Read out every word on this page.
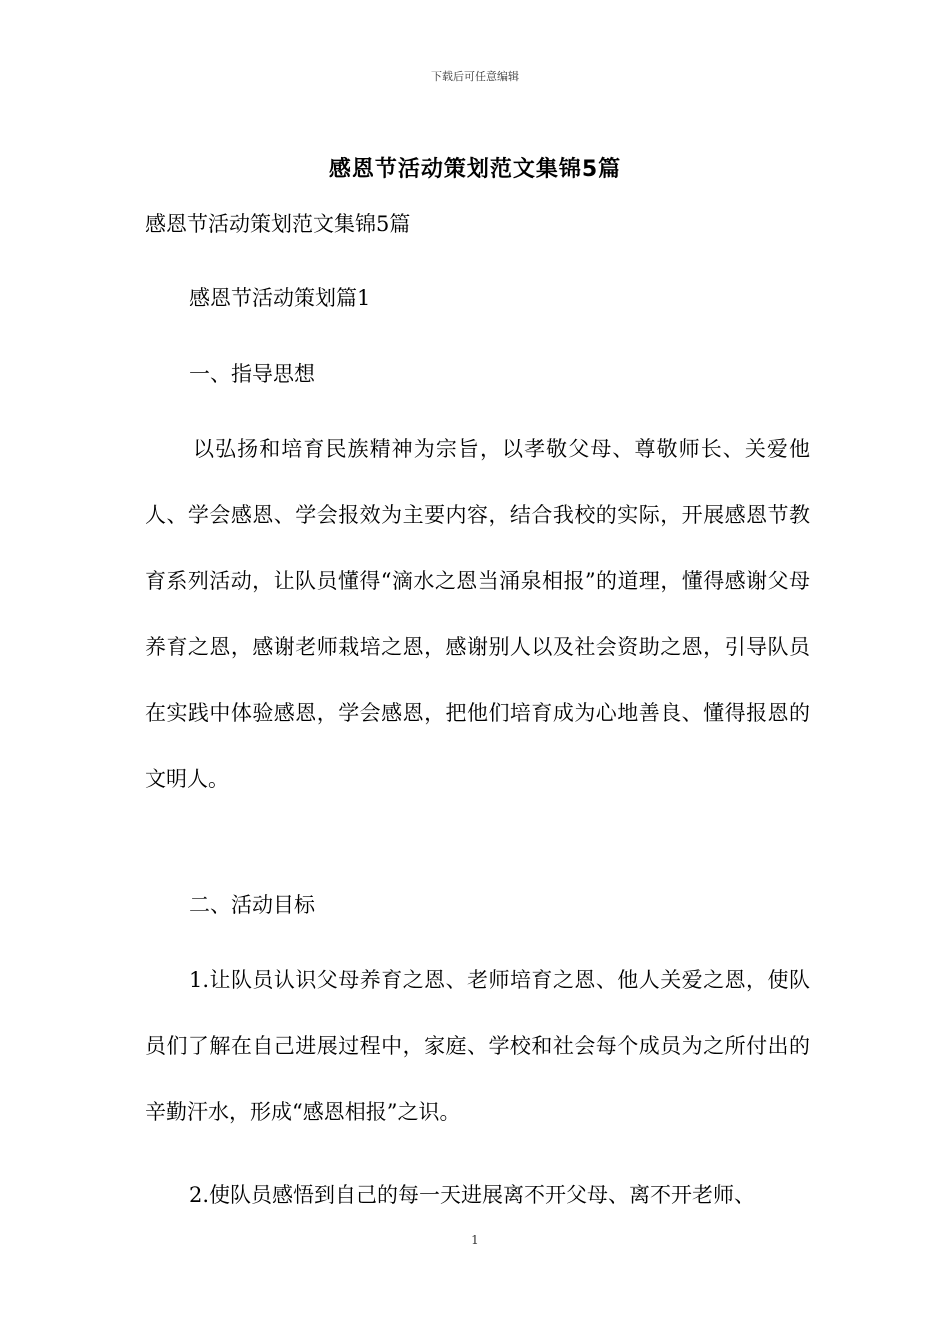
下载后可任意编辑
感恩节活动策划范文集锦5篇
感恩节活动策划范文集锦5篇
感恩节活动策划篇1
一、指导思想
以弘扬和培育民族精神为宗旨，以孝敬父母、尊敬师长、关爱他人、学会感恩、学会报效为主要内容，结合我校的实际，开展感恩节教育系列活动，让队员懂得“滴水之恩当涌泉相报”的道理，懂得感谢父母养育之恩，感谢老师栽培之恩，感谢别人以及社会资助之恩，引导队员在实践中体验感恩，学会感恩，把他们培育成为心地善良、懂得报恩的文明人。
二、活动目标
1.让队员认识父母养育之恩、老师培育之恩、他人关爱之恩，使队员们了解在自己进展过程中，家庭、学校和社会每个成员为之所付出的辛勤汗水，形成“感恩相报”之识。
2.使队员感悟到自己的每一天进展离不开父母、离不开老师、
1
